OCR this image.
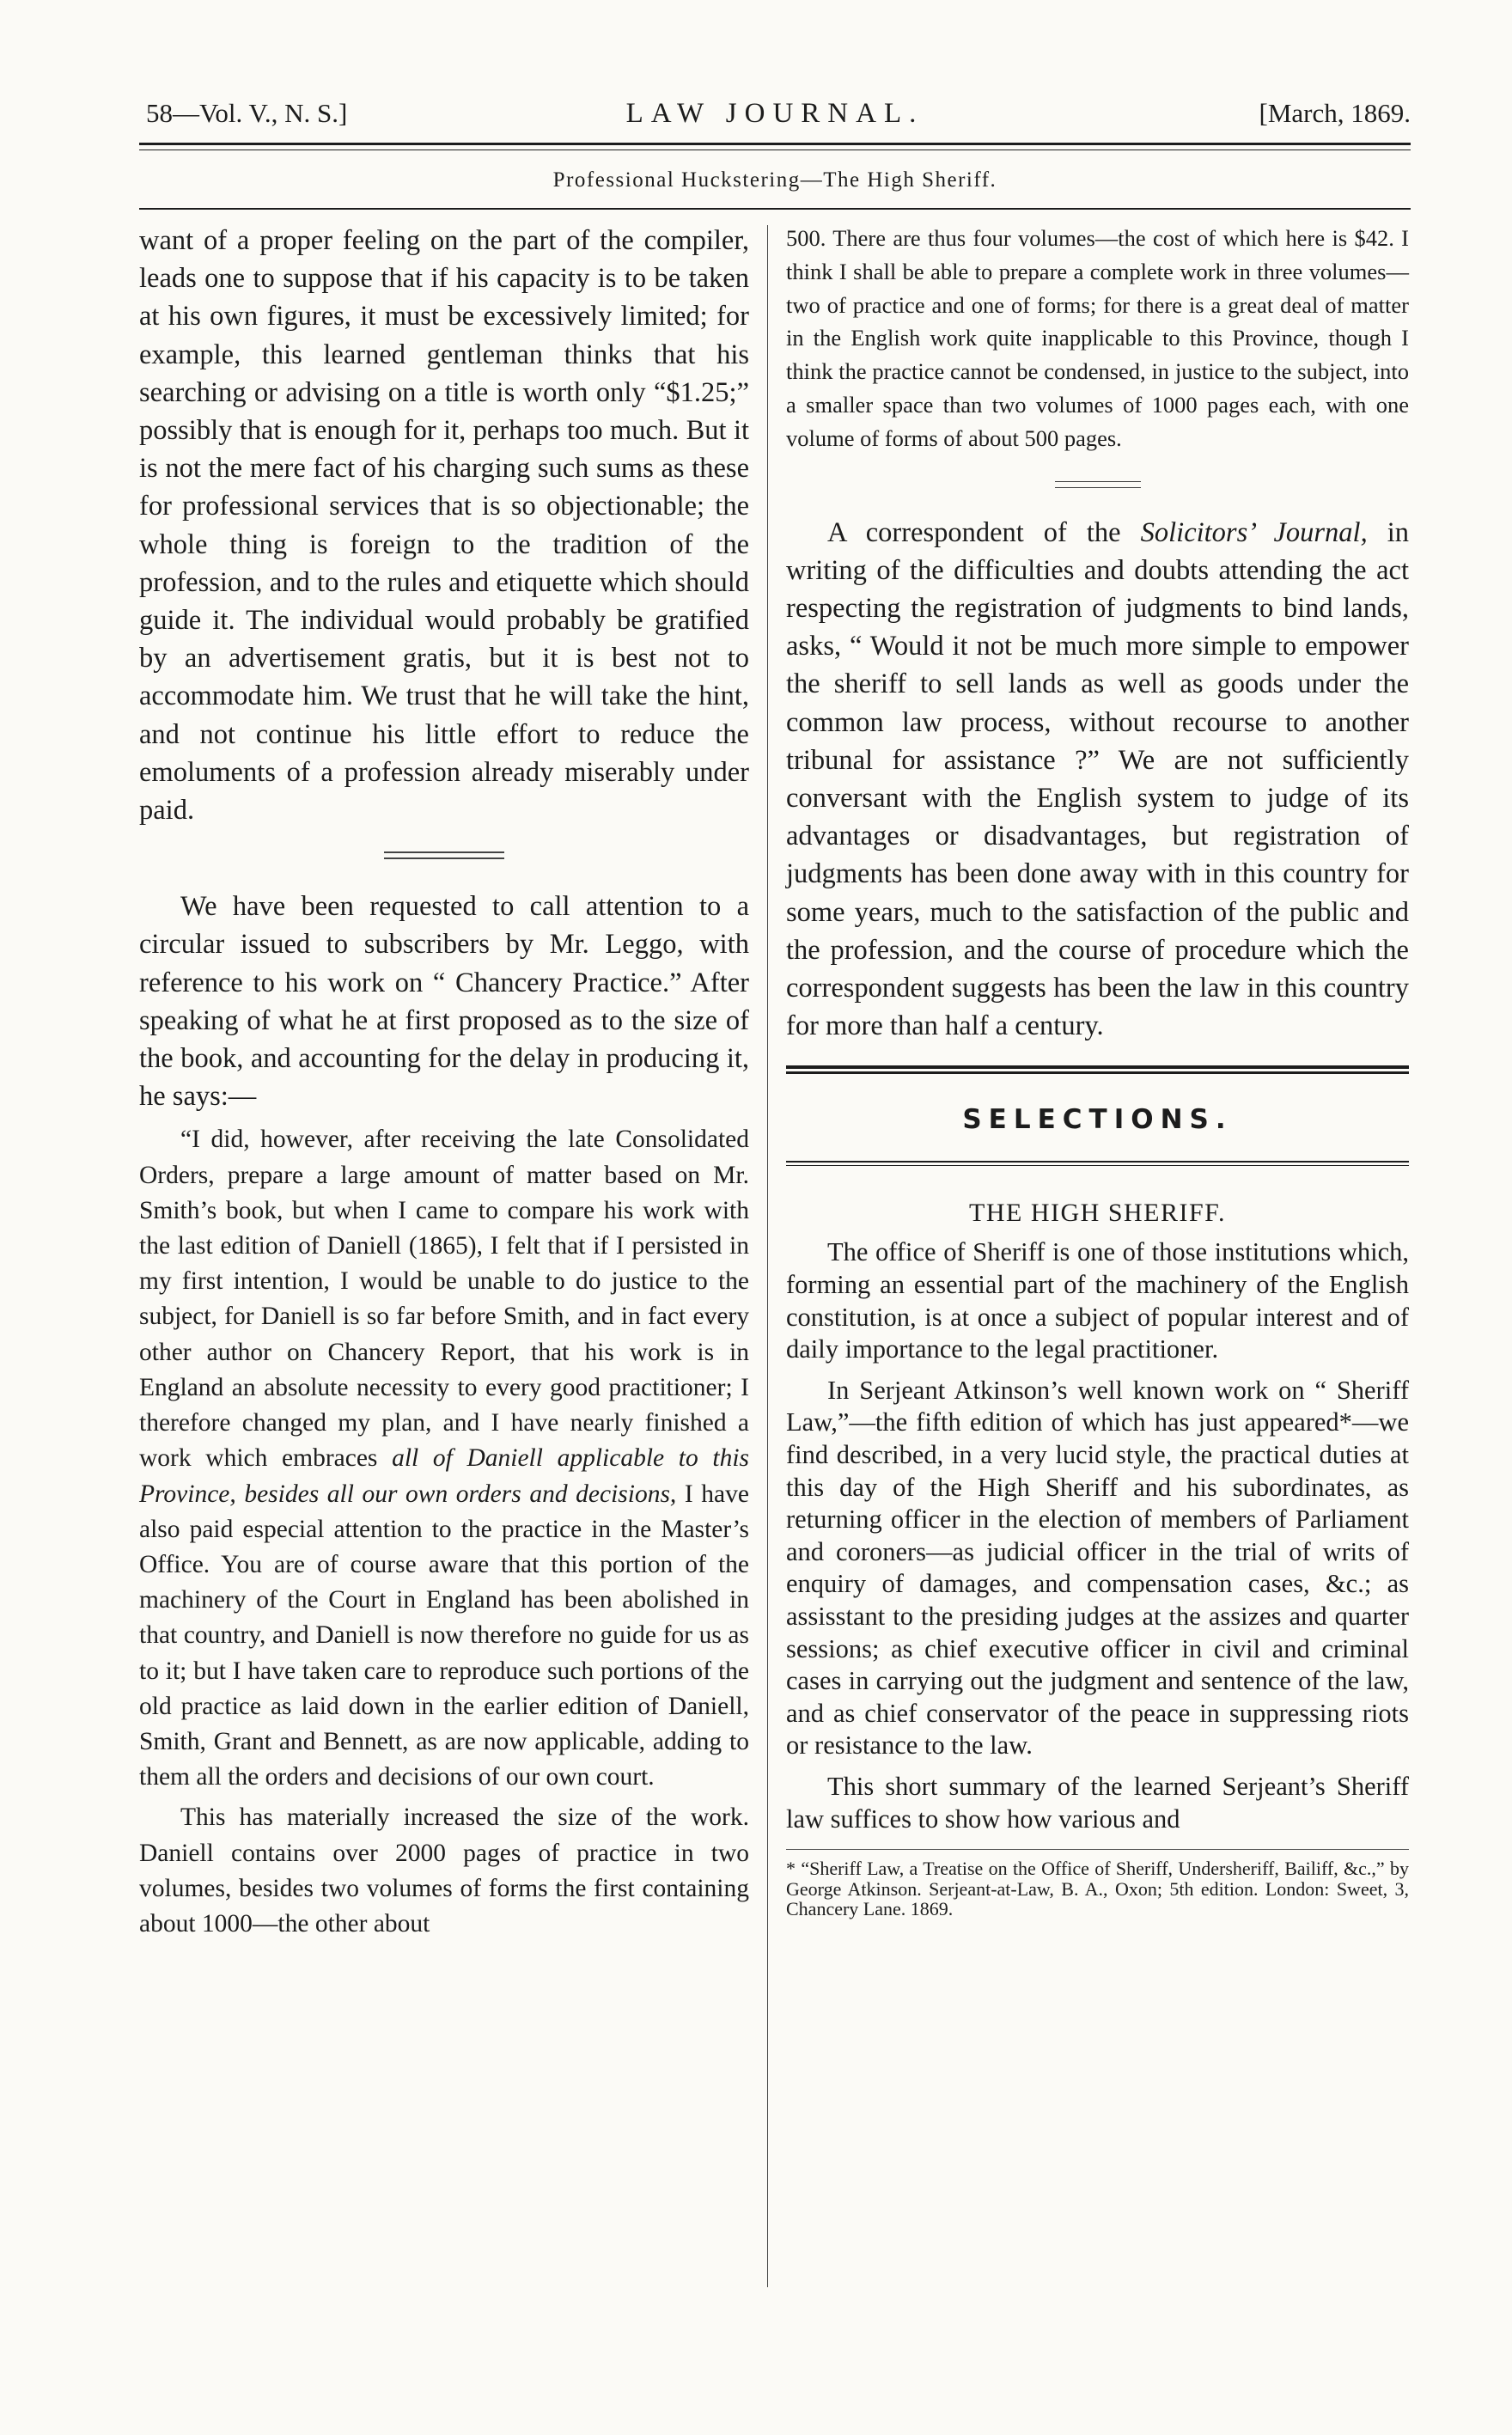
58—Vol. V., N. S.]	LAW JOURNAL.	[March, 1869.
Professional Huckstering—The High Sheriff.

want of a proper feeling on the part of the compiler, leads one to suppose that if his capacity is to be taken at his own figures, it must be excessively limited; for example, this learned gentleman thinks that his searching or advising on a title is worth only “$1.25;” possibly that is enough for it, perhaps too much. But it is not the mere fact of his charging such sums as these for professional services that is so objectionable; the whole thing is foreign to the tradition of the profession, and to the rules and etiquette which should guide it. The individual would probably be gratified by an advertisement gratis, but it is best not to accommodate him. We trust that he will take the hint, and not continue his little effort to reduce the emoluments of a profession already miserably under paid.

We have been requested to call attention to a circular issued to subscribers by Mr. Leggo, with reference to his work on “ Chancery Practice.” After speaking of what he at first proposed as to the size of the book, and accounting for the delay in producing it, he says:—

“I did, however, after receiving the late Consolidated Orders, prepare a large amount of matter based on Mr. Smith’s book, but when I came to compare his work with the last edition of Daniell (1865), I felt that if I persisted in my first intention, I would be unable to do justice to the subject, for Daniell is so far before Smith, and in fact every other author on Chancery Report, that his work is in England an absolute necessity to every good practitioner; I therefore changed my plan, and I have nearly finished a work which embraces all of Daniell applicable to this Province, besides all our own orders and decisions, I have also paid especial attention to the practice in the Master’s Office. You are of course aware that this portion of the machinery of the Court in England has been abolished in that country, and Daniell is now therefore no guide for us as to it; but I have taken care to reproduce such portions of the old practice as laid down in the earlier edition of Daniell, Smith, Grant and Bennett, as are now applicable, adding to them all the orders and decisions of our own court.

This has materially increased the size of the work. Daniell contains over 2000 pages of practice in two volumes, besides two volumes of forms the first containing about 1000—the other about

500. There are thus four volumes—the cost of which here is $42. I think I shall be able to prepare a complete work in three volumes—two of practice and one of forms; for there is a great deal of matter in the English work quite inapplicable to this Province, though I think the practice cannot be condensed, in justice to the subject, into a smaller space than two volumes of 1000 pages each, with one volume of forms of about 500 pages.

A correspondent of the Solicitors’ Journal, in writing of the difficulties and doubts attending the act respecting the registration of judgments to bind lands, asks, “ Would it not be much more simple to empower the sheriff to sell lands as well as goods under the common law process, without recourse to another tribunal for assistance ?” We are not sufficiently conversant with the English system to judge of its advantages or disadvantages, but registration of judgments has been done away with in this country for some years, much to the satisfaction of the public and the profession, and the course of procedure which the correspondent suggests has been the law in this country for more than half a century.

SELECTIONS.
THE HIGH SHERIFF.

The office of Sheriff is one of those institutions which, forming an essential part of the machinery of the English constitution, is at once a subject of popular interest and of daily importance to the legal practitioner.

In Serjeant Atkinson’s well known work on “ Sheriff Law,”—the fifth edition of which has just appeared*—we find described, in a very lucid style, the practical duties at this day of the High Sheriff and his subordinates, as returning officer in the election of members of Parliament and coroners—as judicial officer in the trial of writs of enquiry of damages, and compensation cases, &c.; as assisstant to the presiding judges at the assizes and quarter sessions; as chief executive officer in civil and criminal cases in carrying out the judgment and sentence of the law, and as chief conservator of the peace in suppressing riots or resistance to the law.

This short summary of the learned Serjeant’s Sheriff law suffices to show how various and

* “Sheriff Law, a Treatise on the Office of Sheriff, Undersheriff, Bailiff, &c.,” by George Atkinson. Serjeant-at-Law, B. A., Oxon; 5th edition. London: Sweet, 3, Chancery Lane. 1869.
